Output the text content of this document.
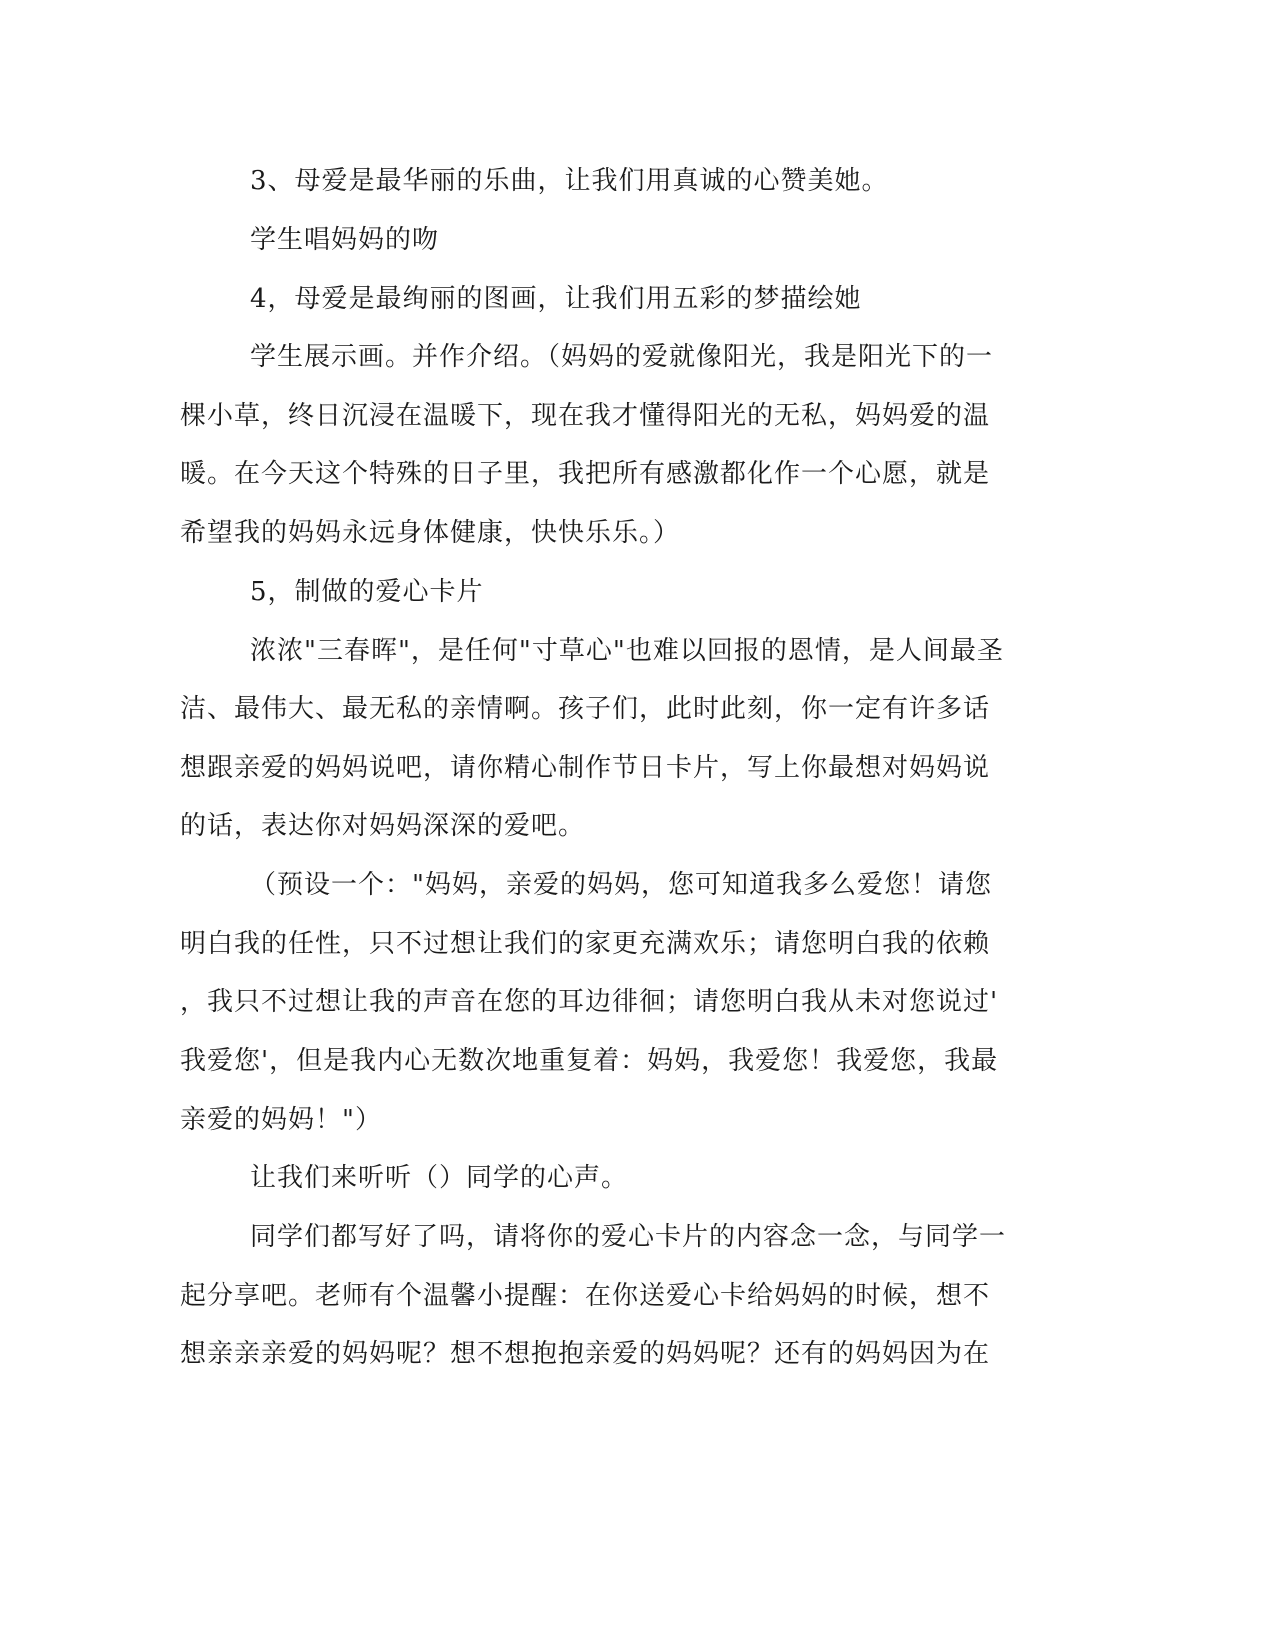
3、母爱是最华丽的乐曲，让我们用真诚的心赞美她。
学生唱妈妈的吻
4，母爱是最绚丽的图画，让我们用五彩的梦描绘她
学生展示画。并作介绍。（妈妈的爱就像阳光，我是阳光下的一
棵小草，终日沉浸在温暖下，现在我才懂得阳光的无私，妈妈爱的温
暖。在今天这个特殊的日子里，我把所有感激都化作一个心愿，就是
希望我的妈妈永远身体健康，快快乐乐。）
5，制做的爱心卡片
浓浓"三春晖"，是任何"寸草心"也难以回报的恩情，是人间最圣
洁、最伟大、最无私的亲情啊。孩子们，此时此刻，你一定有许多话
想跟亲爱的妈妈说吧，请你精心制作节日卡片，写上你最想对妈妈说
的话，表达你对妈妈深深的爱吧。
（预设一个："妈妈，亲爱的妈妈，您可知道我多么爱您！请您
明白我的任性，只不过想让我们的家更充满欢乐；请您明白我的依赖
，我只不过想让我的声音在您的耳边徘徊；请您明白我从未对您说过'
我爱您'，但是我内心无数次地重复着：妈妈，我爱您！我爱您，我最
亲爱的妈妈！"）
让我们来听听（）同学的心声。
同学们都写好了吗，请将你的爱心卡片的内容念一念，与同学一
起分享吧。老师有个温馨小提醒：在你送爱心卡给妈妈的时候，想不
想亲亲亲爱的妈妈呢？想不想抱抱亲爱的妈妈呢？还有的妈妈因为在
